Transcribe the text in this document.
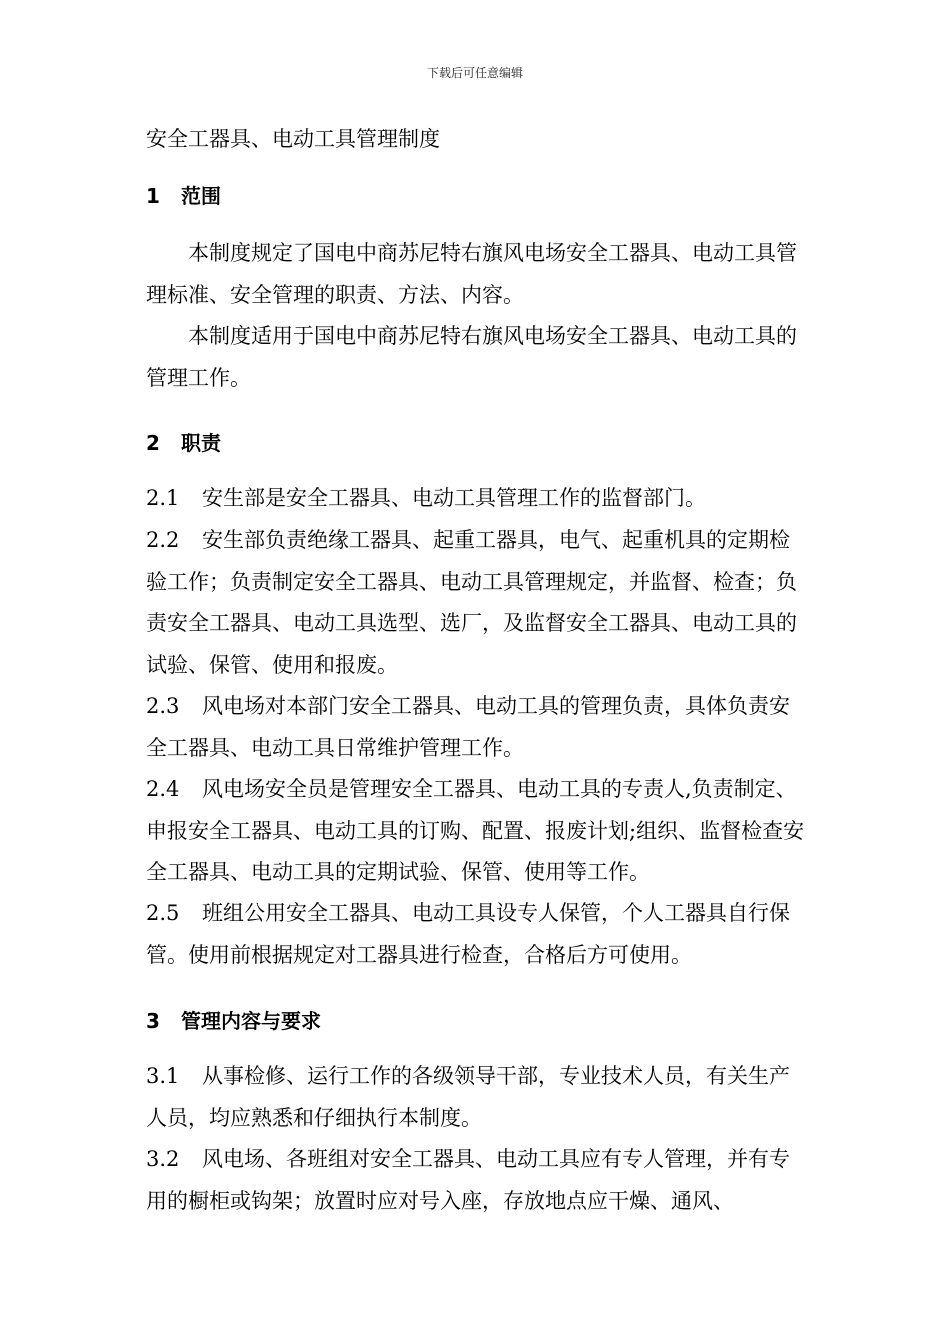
下载后可任意编辑
安全工器具、电动工具管理制度
1 范围

本制度规定了国电中商苏尼特右旗风电场安全工器具、电动工具管理标准、安全管理的职责、方法、内容。

本制度适用于国电中商苏尼特右旗风电场安全工器具、电动工具的管理工作。

2 职责

2.1 安生部是安全工器具、电动工具管理工作的监督部门。

2.2 安生部负责绝缘工器具、起重工器具，电气、起重机具的定期检验工作；负责制定安全工器具、电动工具管理规定，并监督、检查；负责安全工器具、电动工具选型、选厂，及监督安全工器具、电动工具的试验、保管、使用和报废。

2.3 风电场对本部门安全工器具、电动工具的管理负责，具体负责安全工器具、电动工具日常维护管理工作。

2.4 风电场安全员是管理安全工器具、电动工具的专责人,负责制定、申报安全工器具、电动工具的订购、配置、报废计划;组织、监督检查安全工器具、电动工具的定期试验、保管、使用等工作。

2.5 班组公用安全工器具、电动工具设专人保管，个人工器具自行保管。使用前根据规定对工器具进行检查，合格后方可使用。

3 管理内容与要求

3.1 从事检修、运行工作的各级领导干部，专业技术人员，有关生产人员，均应熟悉和仔细执行本制度。

3.2 风电场、各班组对安全工器具、电动工具应有专人管理，并有专用的橱柜或钩架；放置时应对号入座，存放地点应干燥、通风、
